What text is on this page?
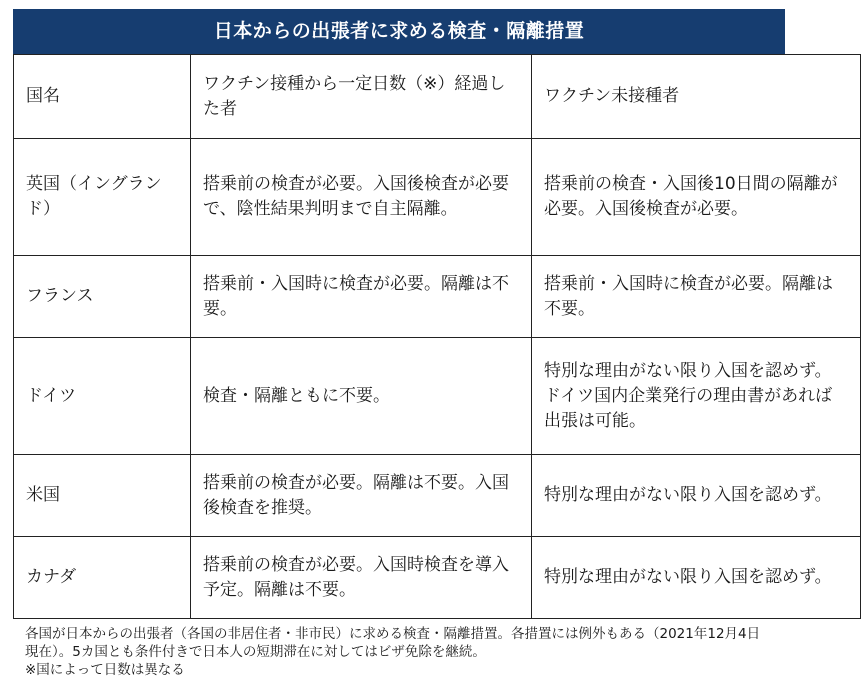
日本からの出張者に求める検査・隔離措置
国名	ワクチン接種から一定日数（※）経過した者	ワクチン未接種者
英国（イングランド）	搭乗前の検査が必要。入国後検査が必要で、陰性結果判明まで自主隔離。	搭乗前の検査・入国後10日間の隔離が必要。入国後検査が必要。
フランス	搭乗前・入国時に検査が必要。隔離は不要。	搭乗前・入国時に検査が必要。隔離は不要。
ドイツ	検査・隔離ともに不要。	特別な理由がない限り入国を認めず。ドイツ国内企業発行の理由書があれば出張は可能。
米国	搭乗前の検査が必要。隔離は不要。入国後検査を推奨。	特別な理由がない限り入国を認めず。
カナダ	搭乗前の検査が必要。入国時検査を導入予定。隔離は不要。	特別な理由がない限り入国を認めず。
各国が日本からの出張者（各国の非居住者・非市民）に求める検査・隔離措置。各措置には例外もある（2021年12月4日現在）。5カ国とも条件付きで日本人の短期滞在に対してはビザ免除を継続。
※国によって日数は異なる
